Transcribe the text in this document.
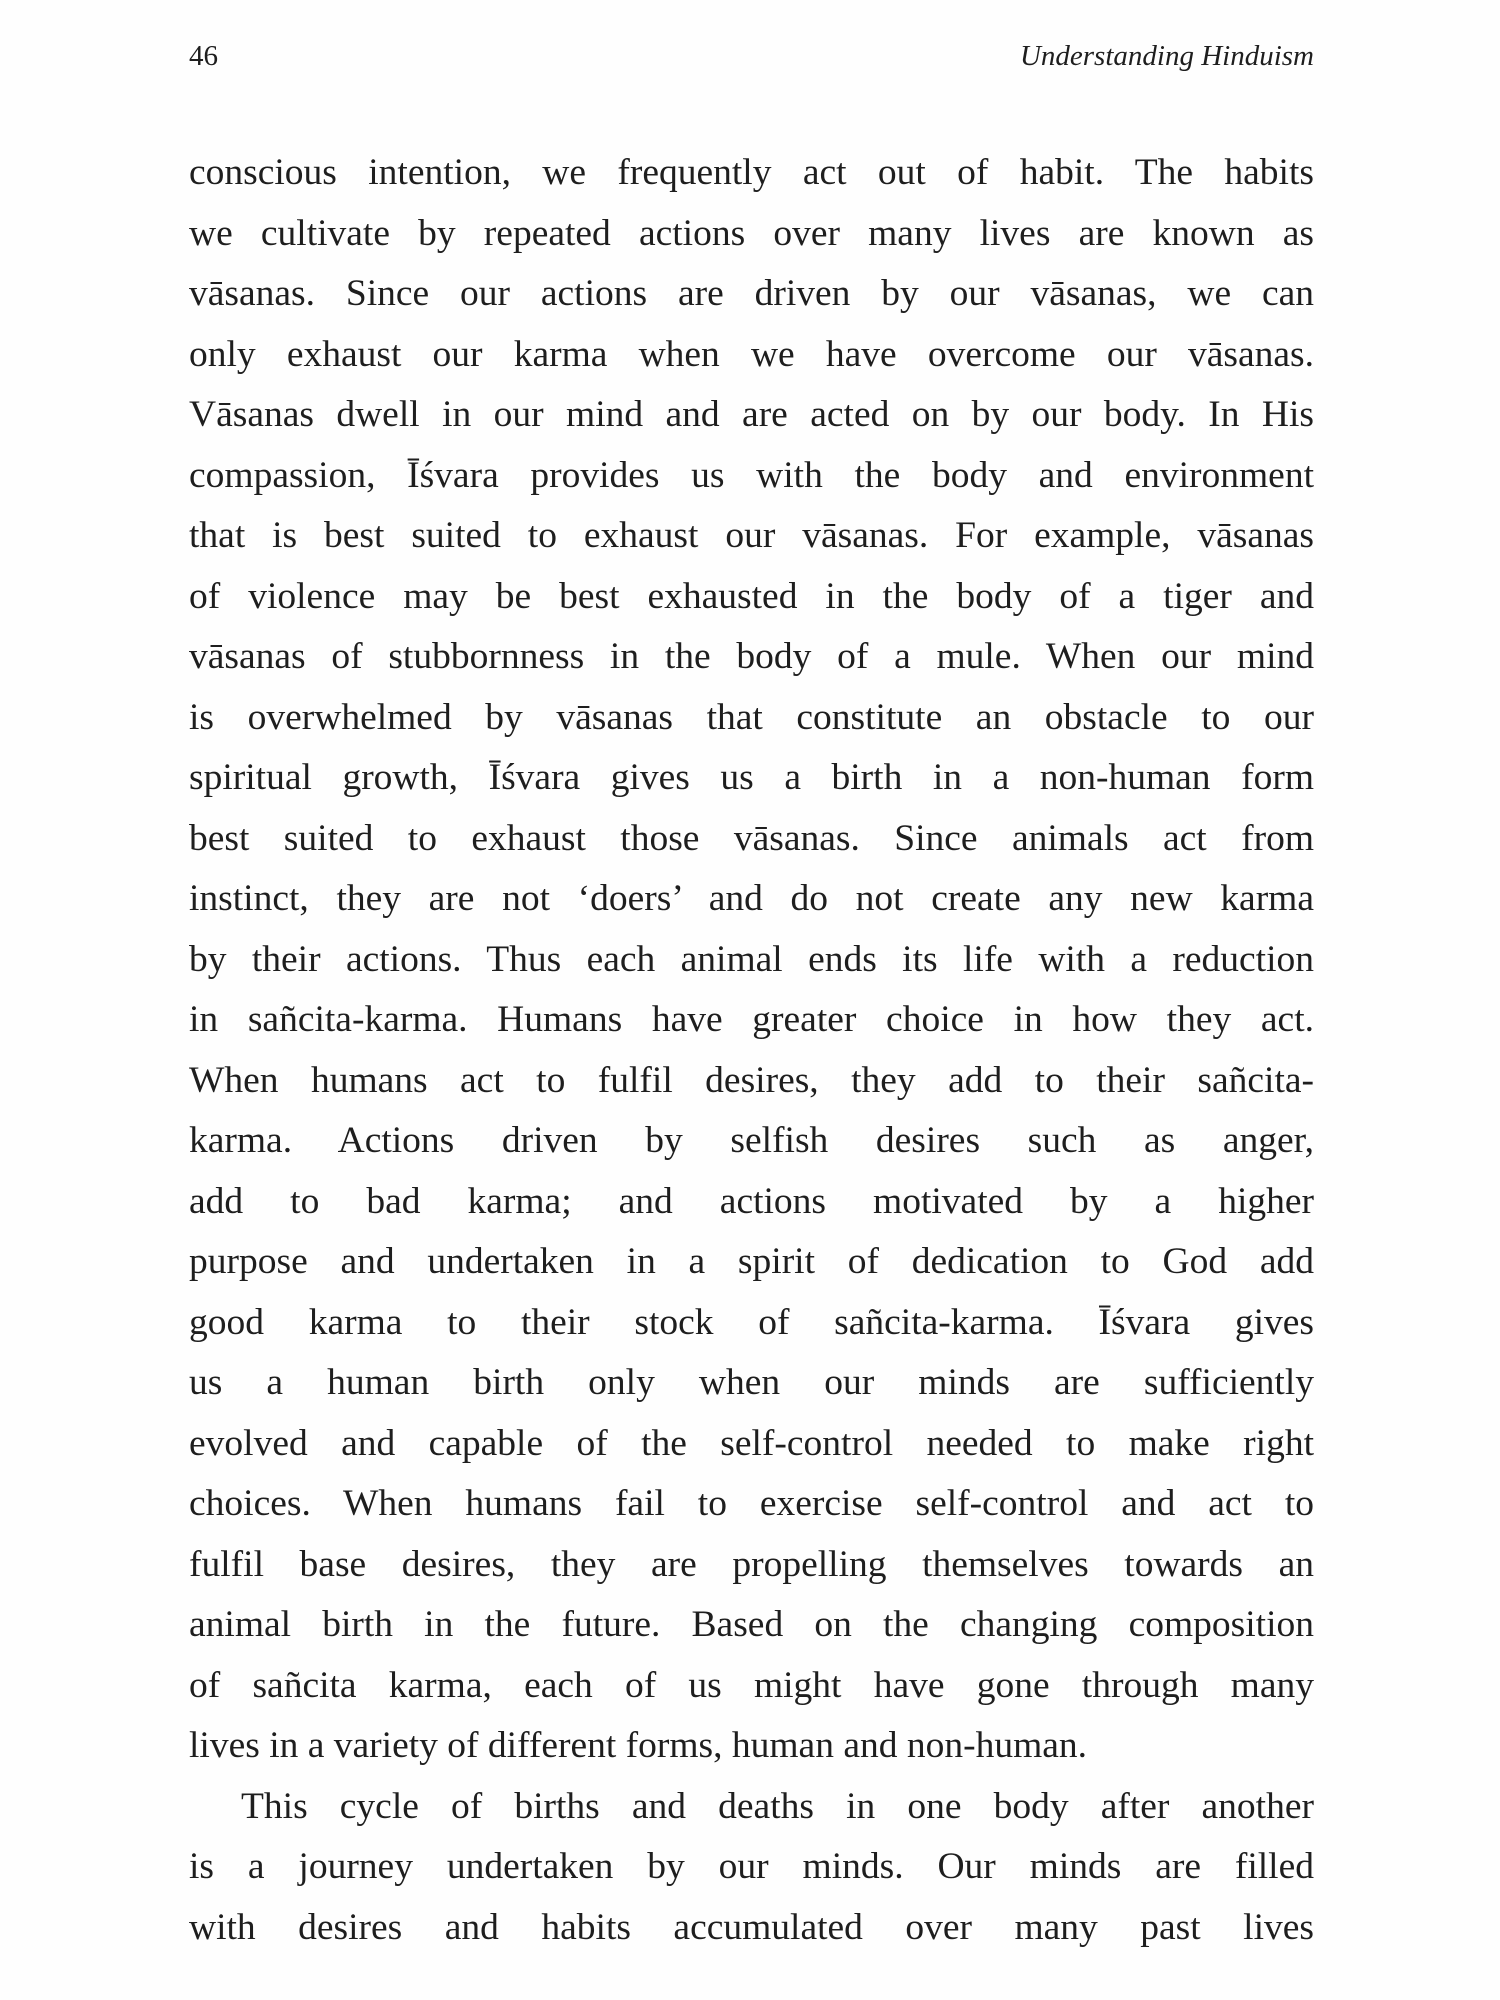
46	Understanding Hinduism
conscious intention, we frequently act out of habit. The habits
we cultivate by repeated actions over many lives are known as
vāsanas. Since our actions are driven by our vāsanas, we can
only exhaust our karma when we have overcome our vāsanas.
Vāsanas dwell in our mind and are acted on by our body. In His
compassion, Īśvara provides us with the body and environment
that is best suited to exhaust our vāsanas. For example, vāsanas
of violence may be best exhausted in the body of a tiger and
vāsanas of stubbornness in the body of a mule. When our mind
is overwhelmed by vāsanas that constitute an obstacle to our
spiritual growth, Īśvara gives us a birth in a non-human form
best suited to exhaust those vāsanas. Since animals act from
instinct, they are not ‘doers’ and do not create any new karma
by their actions. Thus each animal ends its life with a reduction
in sañcita-karma. Humans have greater choice in how they act.
When humans act to fulfil desires, they add to their sañcita-
karma. Actions driven by selfish desires such as anger,
add to bad karma; and actions motivated by a higher
purpose and undertaken in a spirit of dedication to God add
good karma to their stock of sañcita-karma. Īśvara gives
us a human birth only when our minds are sufficiently
evolved and capable of the self-control needed to make right
choices. When humans fail to exercise self-control and act to
fulfil base desires, they are propelling themselves towards an
animal birth in the future. Based on the changing composition
of sañcita karma, each of us might have gone through many
lives in a variety of different forms, human and non-human.
This cycle of births and deaths in one body after another
is a journey undertaken by our minds. Our minds are filled
with desires and habits accumulated over many past lives
